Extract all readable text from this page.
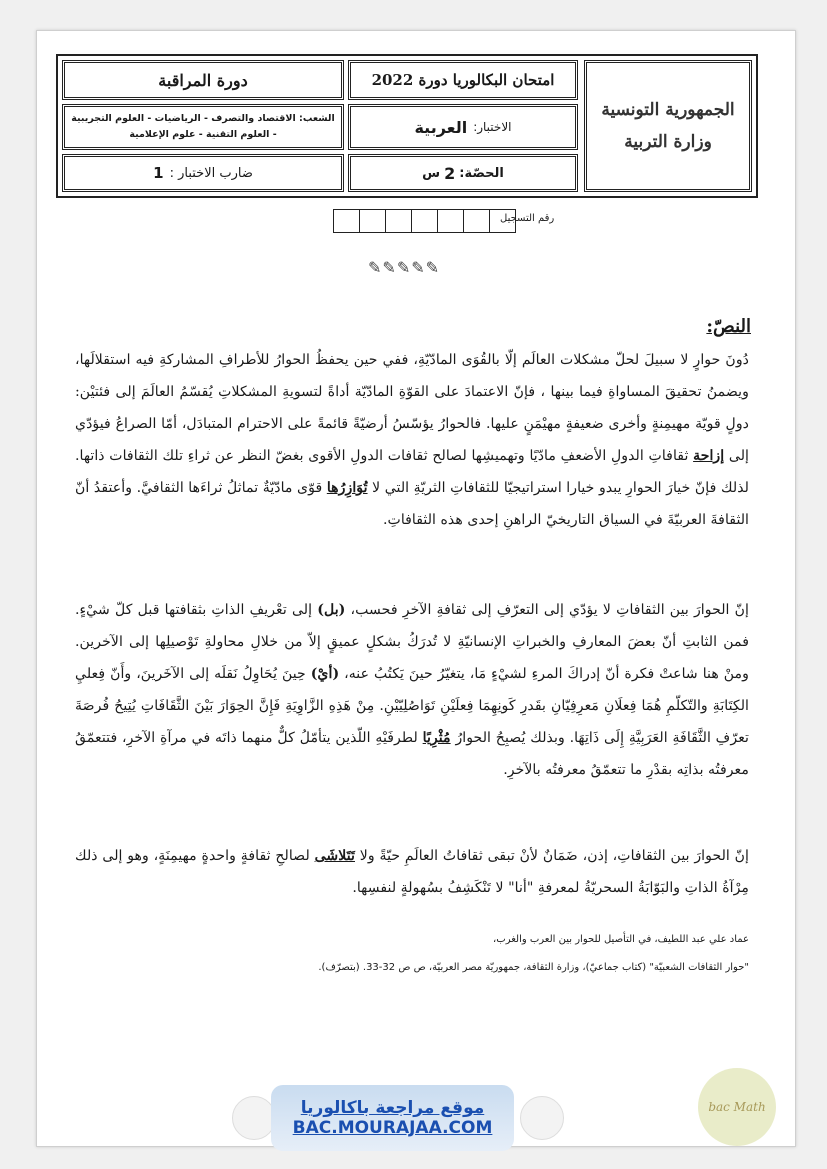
الجمهورية التونسية
وزارة التربية
امتحان البكالوريا دورة 2022
دورة المراقبة
الاختبار:
العربية
الشعب: الاقتصاد والتصرف - الرياضيات - العلوم التجريبية
- العلوم التقنية - علوم الإعلامية
الحصّة:
2
س
ضارب الاختبار :
1
رقم التسجيل
✎✎✎✎✎
النصّ:
دُونَ حوارٍ لا سبيلَ لحلّ مشكلات العالَم إلّا بالقُوَى المادّيّةِ، ففي حين يحفظُ الحوارُ للأطرافِ المشاركةِ فيه استقلالَها، ويضمنُ تحقيقَ المساواةِ فيما بينها ، فإنّ الاعتمادَ على القوّةِ المادّيّة أداةً لتسويةِ المشكلاتِ يُقسّمُ العالَمَ إلى فئتيْن: دولٍ قويّة مهيمِنةٍ وأخرى ضعيفةٍ مهيْمَنٍ عليها. فالحوارُ يؤسّسُ أرضيّةً قائمةً على الاحترام المتبادَل، أمّا الصراعُ فيؤدّي إلى إزاحة ثقافاتِ الدولِ الأضعفِ مادّيًا وتهميشِها لصالح ثقافات الدولِ الأقوى بغضّ النظر عن ثراءِ تلك الثقافات ذاتها. لذلك فإنّ خيارَ الحوارِ يبدو خيارا استراتيجيّا للثقافاتِ الثريّةِ التي لا تُوَازِرُها قوّى مادّيّةٌ تماثلُ ثراءَها الثقافيَّ. وأعتقدُ أنّ الثقافةَ العربيّةَ في السياق التاريخيّ الراهنِ إحدى هذه الثقافاتِ.
إنّ الحوارَ بين الثقافاتِ لا يؤدّي إلى التعرّفِ إلى ثقافةِ الآخرِ فحسب، (بل) إلى تعْريفِ الذاتِ بثقافتها قبل كلّ شيْءٍ. فمن الثابتِ أنّ بعضَ المعارفِ والخبراتِ الإنسانيّةِ لا تُدرَكُ بشكلٍ عميقٍ إلاّ من خلالِ محاولةِ تَوْصيلِها إلى الآخرين. ومنْ هنا شاعتْ فكرة أنّ إدراكَ المرءِ لشيْءٍ مَا، يتغيّرُ حينَ يَكتُبُ عنه، (أيْ) حِينَ يُحَاوِلُ نَقلَه إلى الآخَرينَ، وأَنّ فِعليِ الكِتَابَةِ والتّكلّمِ هُمَا فِعلَانِ مَعرِفِيّانِ بقَدرِ كَونِهِمَا فِعلَيْنِ تَوَاصُلِيّيْنِ. مِنْ هَذِهِ الزَّاوِيَةِ فَإِنَّ الحِوَارَ بَيْنَ الثَّقَافَاتِ يُتِيحُ فُرصَةَ تعرّفِ الثَّقَافَةِ العَرَبِيَّةِ إِلَى ذَاتِهَا. وبذلك يُصبِحُ الحوارُ مُثْرِيًا لطرفَيْهِ اللّذين يتأمّلُ كلٌّ منهما ذاتَه في مرآةِ الآخرِ، فتتعمّقُ معرفتُه بذاتِه بقدْرِ ما تتعمّقُ معرفتُه بالآخرِ.
إنّ الحوارَ بين الثقافاتِ، إذن، ضَمَانٌ لأنْ تبقى ثقافاتُ العالَمِ حيّةً ولا تَتَلاشَى لصالحِ ثقافةٍ واحدةٍ مهيمِنَةٍ، وهو إلى ذلك مِرْآةُ الذاتِ والبَوّابَةُ السحريّةُ لمعرفةِ "أنا" لا تَنْكَشِفُ بسُهولةٍ لنفسِها.
عماد علي عبد اللطيف، في التأصيل للحوار بين العرب والغرب،
"حوار الثقافات الشعبيّة" (كتاب جماعيّ)، وزارة الثقافة، جمهوريّة مصر العربيّة، ص ص 32-33. (بتصرّف).
موقع مراجعة باكالوريا
BAC.MOURAJAA.COM
bac Math
